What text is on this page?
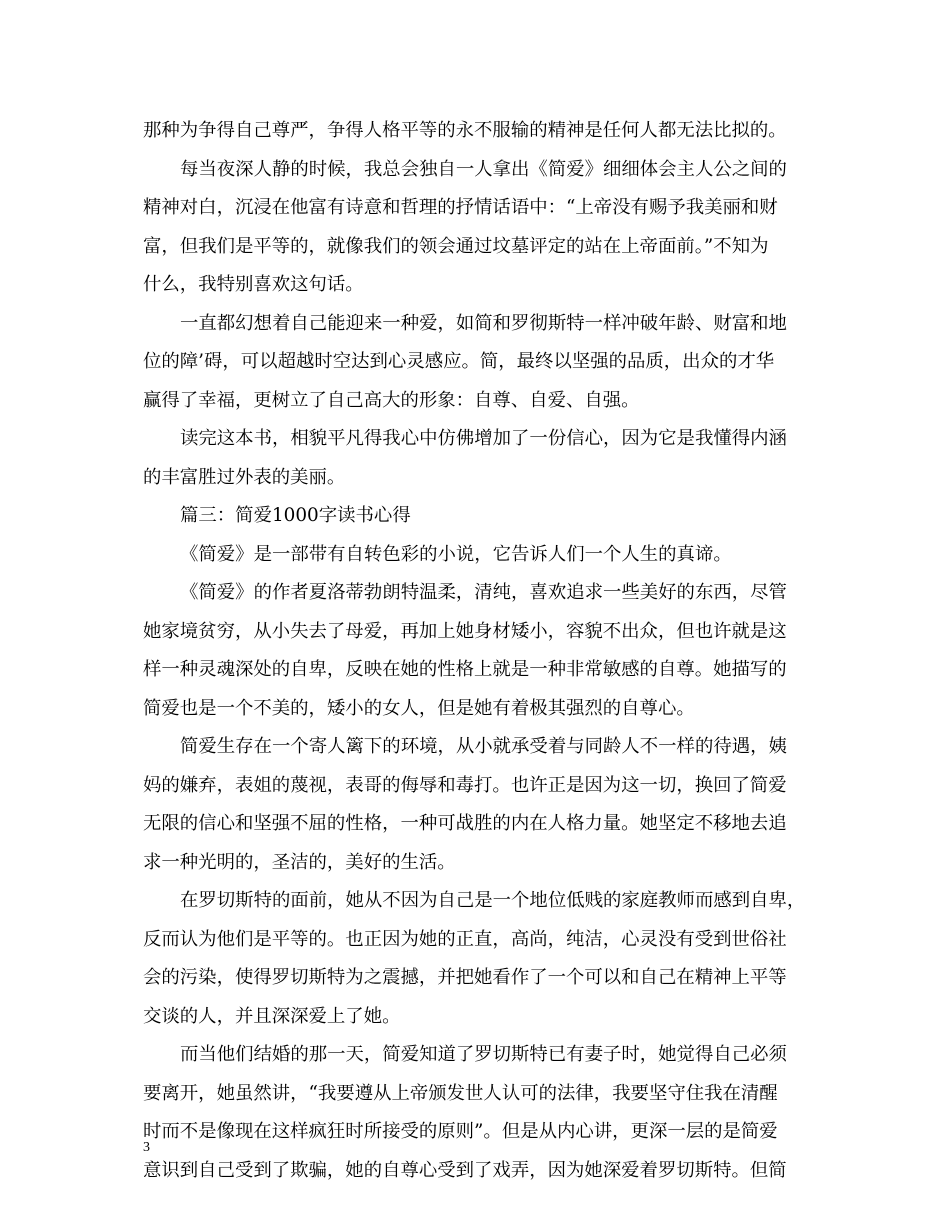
那种为争得自己尊严，争得人格平等的永不服输的精神是任何人都无法比拟的。
每当夜深人静的时候，我总会独自一人拿出《简爱》细细体会主人公之间的
精神对白，沉浸在他富有诗意和哲理的抒情话语中：“上帝没有赐予我美丽和财
富，但我们是平等的，就像我们的领会通过坟墓评定的站在上帝面前。”不知为
什么，我特别喜欢这句话。
一直都幻想着自己能迎来一种爱，如简和罗彻斯特一样冲破年龄、财富和地
位的障’碍，可以超越时空达到心灵感应。简，最终以坚强的品质，出众的才华
赢得了幸福，更树立了自己高大的形象：自尊、自爱、自强。
读完这本书，相貌平凡得我心中仿佛增加了一份信心，因为它是我懂得内涵
的丰富胜过外表的美丽。
篇三：简爱1000字读书心得
《简爱》是一部带有自转色彩的小说，它告诉人们一个人生的真谛。
《简爱》的作者夏洛蒂勃朗特温柔，清纯，喜欢追求一些美好的东西，尽管
她家境贫穷，从小失去了母爱，再加上她身材矮小，容貌不出众，但也许就是这
样一种灵魂深处的自卑，反映在她的性格上就是一种非常敏感的自尊。她描写的
简爱也是一个不美的，矮小的女人，但是她有着极其强烈的自尊心。
简爱生存在一个寄人篱下的环境，从小就承受着与同龄人不一样的待遇，姨
妈的嫌弃，表姐的蔑视，表哥的侮辱和毒打。也许正是因为这一切，换回了简爱
无限的信心和坚强不屈的性格，一种可战胜的内在人格力量。她坚定不移地去追
求一种光明的，圣洁的，美好的生活。
在罗切斯特的面前，她从不因为自己是一个地位低贱的家庭教师而感到自卑，
反而认为他们是平等的。也正因为她的正直，高尚，纯洁，心灵没有受到世俗社
会的污染，使得罗切斯特为之震撼，并把她看作了一个可以和自己在精神上平等
交谈的人，并且深深爱上了她。
而当他们结婚的那一天，简爱知道了罗切斯特已有妻子时，她觉得自己必须
要离开，她虽然讲，“我要遵从上帝颁发世人认可的法律，我要坚守住我在清醒
时而不是像现在这样疯狂时所接受的原则”。但是从内心讲，更深一层的是简爱
意识到自己受到了欺骗，她的自尊心受到了戏弄，因为她深爱着罗切斯特。但简
3
